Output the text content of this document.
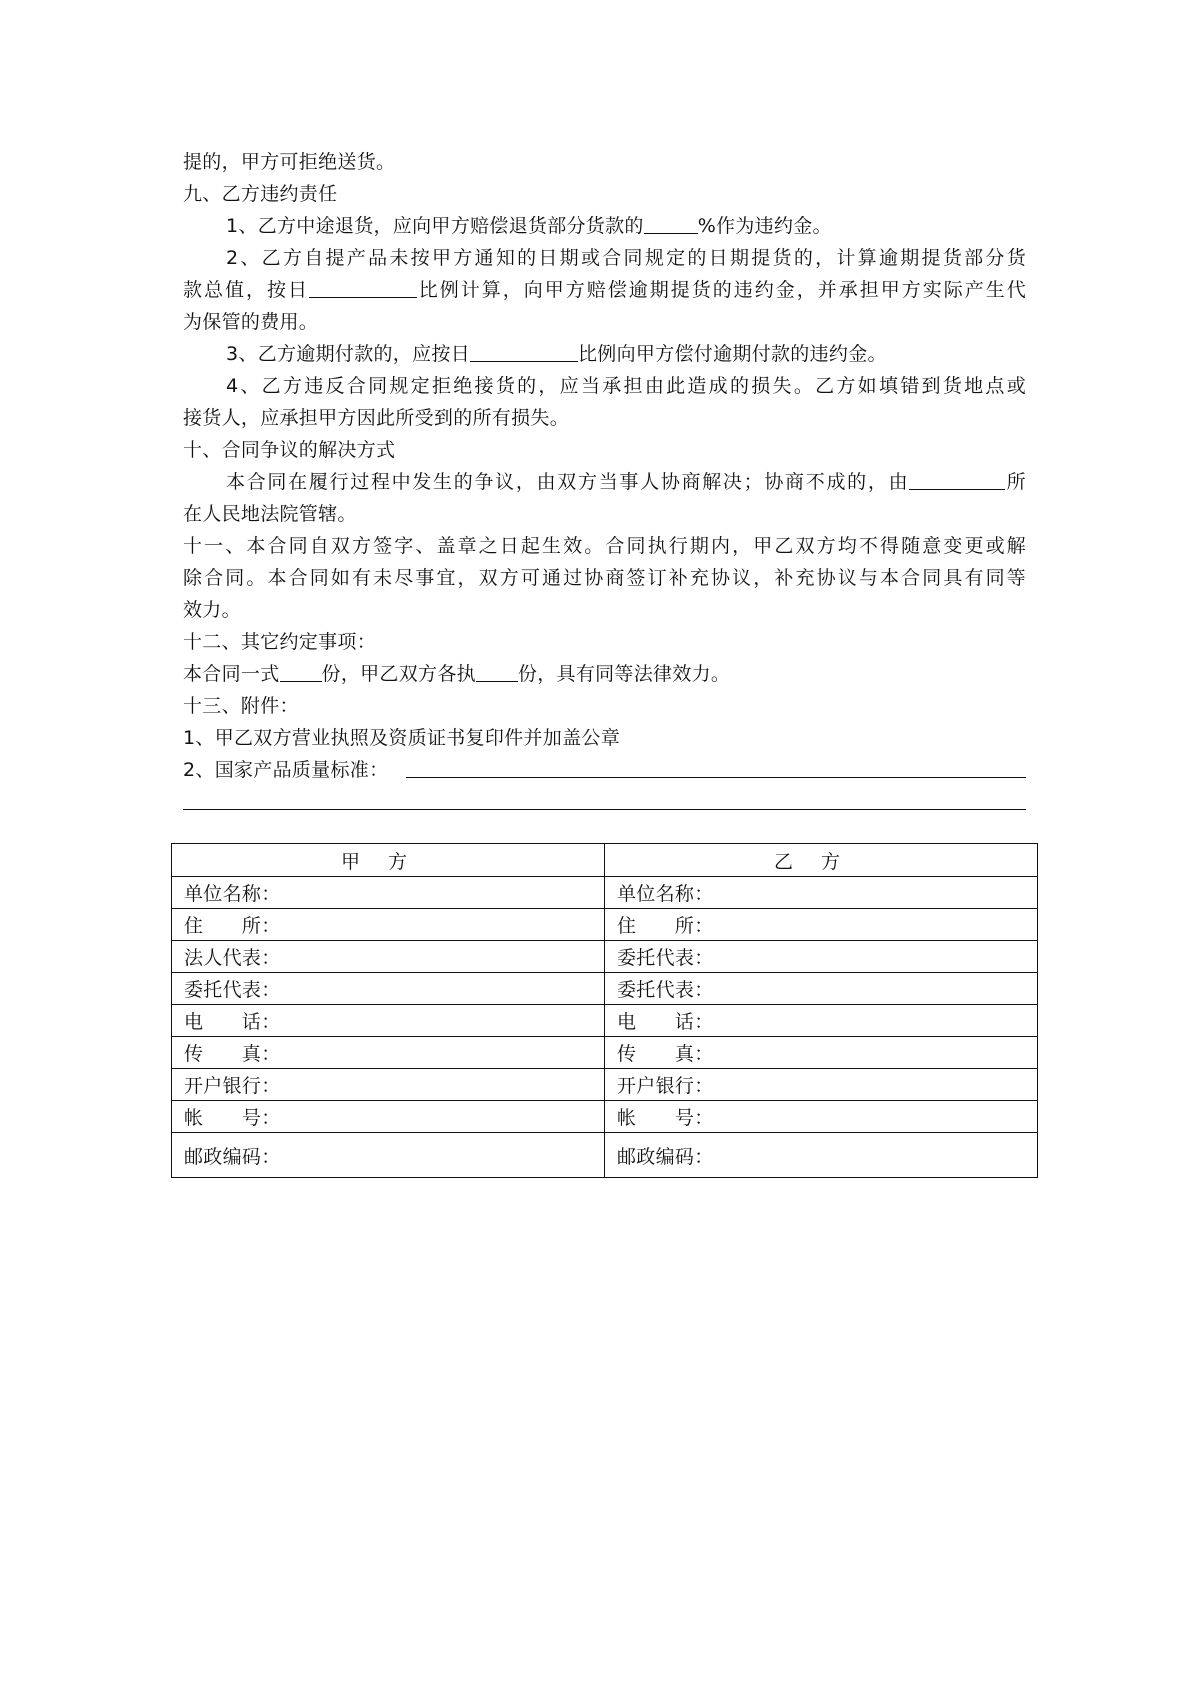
提的，甲方可拒绝送货。
九、乙方违约责任
1、乙方中途退货，应向甲方赔偿退货部分货款的	%作为违约金。
2、乙方自提产品未按甲方通知的日期或合同规定的日期提货的，计算逾期提货部分货
款总值，按日	比例计算，向甲方赔偿逾期提货的违约金，并承担甲方实际产生代
为保管的费用。
3、乙方逾期付款的，应按日	比例向甲方偿付逾期付款的违约金。
4、乙方违反合同规定拒绝接货的，应当承担由此造成的损失。乙方如填错到货地点或
接货人，应承担甲方因此所受到的所有损失。
十、合同争议的解决方式
本合同在履行过程中发生的争议，由双方当事人协商解决；协商不成的，由	所
在人民地法院管辖。
十一、本合同自双方签字、盖章之日起生效。合同执行期内，甲乙双方均不得随意变更或解
除合同。本合同如有未尽事宜，双方可通过协商签订补充协议，补充协议与本合同具有同等
效力。
十二、其它约定事项：
本合同一式 份，甲乙双方各执 份，具有同等法律效力。
十三、附件：
1、甲乙双方营业执照及资质证书复印件并加盖公章
2、国家产品质量标准：
甲方	乙方
单位名称：	单位名称：
住　　所：	住　　所：
法人代表：	委托代表：
委托代表：	委托代表：
电　　话：	电　　话：
传　　真：	传　　真：
开户银行：	开户银行：
帐　　号：	帐　　号：
邮政编码：	邮政编码：
